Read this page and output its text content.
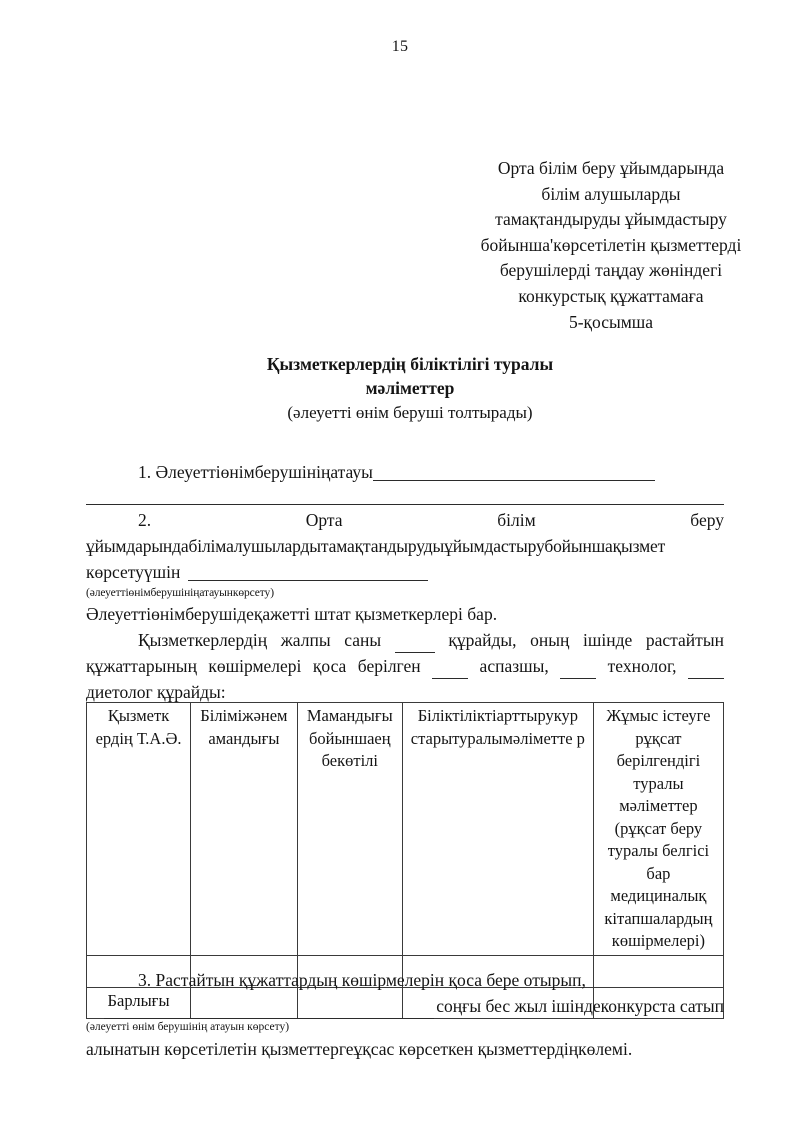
15
Орта білім беру ұйымдарында
білім алушыларды
тамақтандыруды ұйымдастыру
бойынша'көрсетілетін қызметтерді
берушілерді таңдау жөніндегі
конкурстық құжаттамаға
5-қосымша
Қызметкерлердің біліктілігі туралы
мәліметтер
(әлеуетті өнім беруші толтырады)
1. Әлеуеттіөнімберушініңатауы
2.	Орта	білім	беру
ұйымдарындабілімалушылардытамақтандырудыұйымдастырубойыншақызмет
көрсетуүшін
(әлеуеттіөнімберушініңатауынкөрсету)
Әлеуеттіөнімберушідеқажетті штат қызметкерлері бар.
Қызметкерлердің жалпы саны	құрайды, оның ішінде растайтын
құжаттарының көшірмелері қоса берілген	аспазшы,	технолог,
диетолог құрайды:
Қызметк ердің Т.А.Ә.	Біліміжәнем амандығы	Мамандығы бойыншаең бекөтілі	Біліктіліктіарттырукур старытуралымәліметте р	Жұмыс істеуге рұқсат берілгендігі туралы мәліметтер (рұқсат беру туралы белгісі бар медициналық кітапшалардың көшірмелері)

Барлығы				
3. Растайтын құжаттардың көшірмелерін қоса бере отырып,
соңғы бес жыл ішіндеконкурста сатып
(әлеуетті өнім берушінің атауын көрсету)
алынатын көрсетілетін қызметтергеұқсас көрсеткен қызметтердіңкөлемі.
